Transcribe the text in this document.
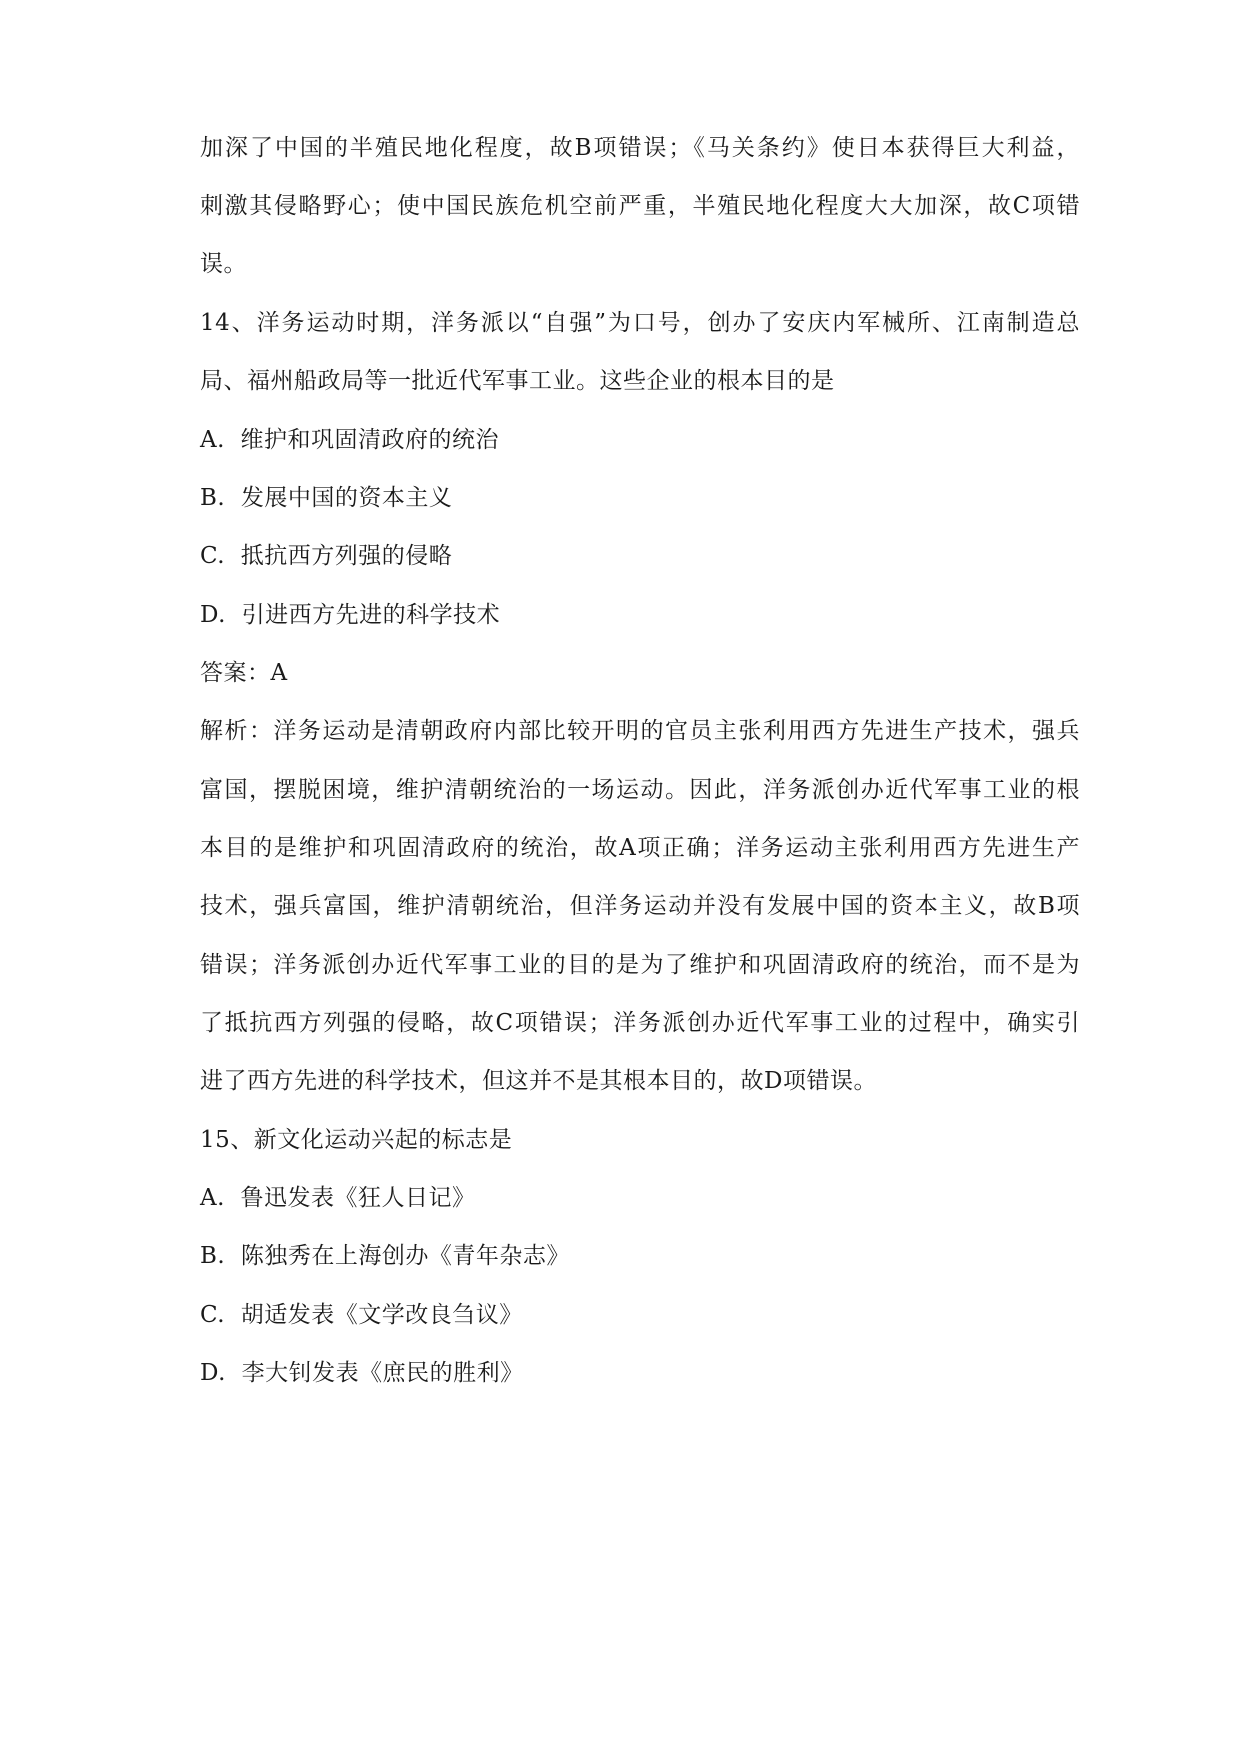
加深了中国的半殖民地化程度，故B项错误；《马关条约》使日本获得巨大利益，
刺激其侵略野心；使中国民族危机空前严重，半殖民地化程度大大加深，故C项错
误。
14、洋务运动时期，洋务派以“自强”为口号，创办了安庆内军械所、江南制造总
局、福州船政局等一批近代军事工业。这些企业的根本目的是
A. 维护和巩固清政府的统治
B. 发展中国的资本主义
C. 抵抗西方列强的侵略
D. 引进西方先进的科学技术
答案：A
解析：洋务运动是清朝政府内部比较开明的官员主张利用西方先进生产技术，强兵
富国，摆脱困境，维护清朝统治的一场运动。因此，洋务派创办近代军事工业的根
本目的是维护和巩固清政府的统治，故A项正确；洋务运动主张利用西方先进生产
技术，强兵富国，维护清朝统治，但洋务运动并没有发展中国的资本主义，故B项
错误；洋务派创办近代军事工业的目的是为了维护和巩固清政府的统治，而不是为
了抵抗西方列强的侵略，故C项错误；洋务派创办近代军事工业的过程中，确实引
进了西方先进的科学技术，但这并不是其根本目的，故D项错误。
15、新文化运动兴起的标志是
A. 鲁迅发表《狂人日记》
B. 陈独秀在上海创办《青年杂志》
C. 胡适发表《文学改良刍议》
D. 李大钊发表《庶民的胜利》
